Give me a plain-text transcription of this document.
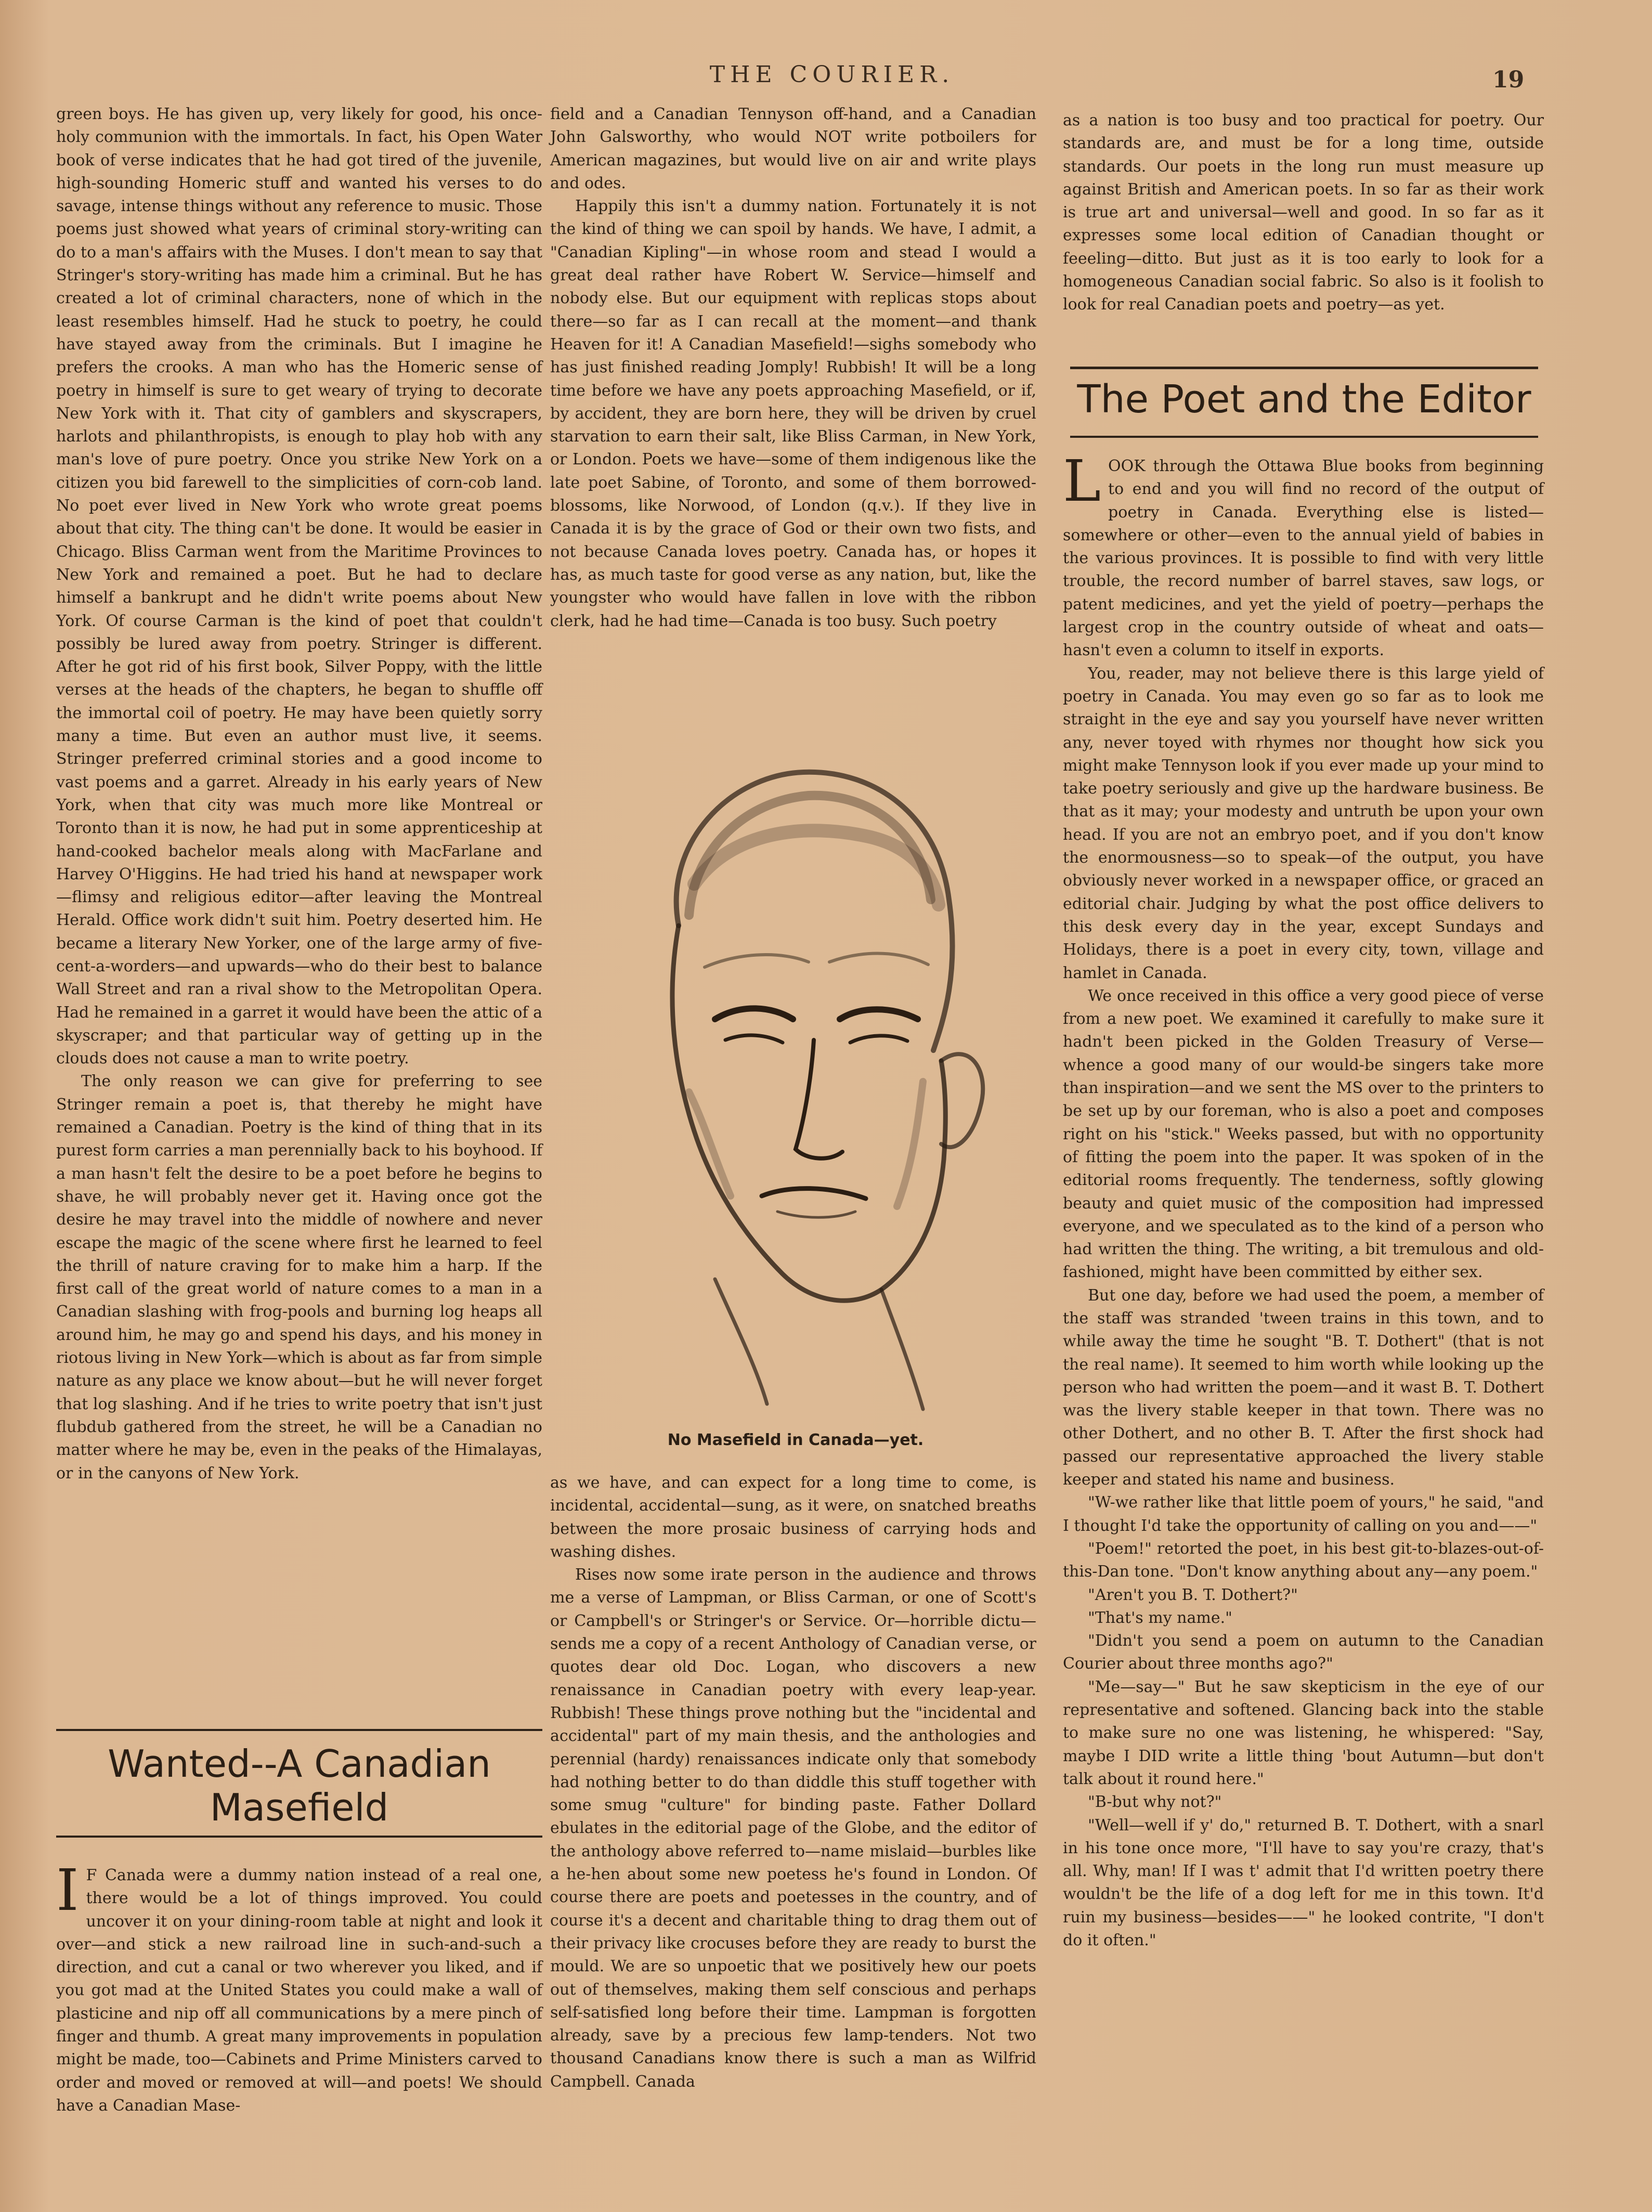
THE COURIER.	19

green boys. He has given up, very likely for good, his once-holy communion with the immortals. In fact, his Open Water book of verse indicates that he had got tired of the juvenile, high-sounding Homeric stuff and wanted his verses to do savage, intense things without any reference to music. Those poems just showed what years of criminal story-writing can do to a man's affairs with the Muses. I don't mean to say that Stringer's story-writing has made him a criminal. But he has created a lot of criminal characters, none of which in the least resembles himself. Had he stuck to poetry, he could have stayed away from the criminals. But I imagine he prefers the crooks. A man who has the Homeric sense of poetry in himself is sure to get weary of trying to decorate New York with it. That city of gamblers and skyscrapers, harlots and philanthropists, is enough to play hob with any man's love of pure poetry. Once you strike New York on a citizen you bid farewell to the simplicities of corn-cob land. No poet ever lived in New York who wrote great poems about that city. The thing can't be done. It would be easier in Chicago. Bliss Carman went from the Maritime Provinces to New York and remained a poet. But he had to declare himself a bankrupt and he didn't write poems about New York. Of course Carman is the kind of poet that couldn't possibly be lured away from poetry. Stringer is different. After he got rid of his first book, Silver Poppy, with the little verses at the heads of the chapters, he began to shuffle off the immortal coil of poetry. He may have been quietly sorry many a time. But even an author must live, it seems. Stringer preferred criminal stories and a good income to vast poems and a garret. Already in his early years of New York, when that city was much more like Montreal or Toronto than it is now, he had put in some apprenticeship at hand-cooked bachelor meals along with MacFarlane and Harvey O'Higgins. He had tried his hand at newspaper work—flimsy and religious editor—after leaving the Montreal Herald. Office work didn't suit him. Poetry deserted him. He became a literary New Yorker, one of the large army of five-cent-a-worders—and upwards—who do their best to balance Wall Street and ran a rival show to the Metropolitan Opera. Had he remained in a garret it would have been the attic of a skyscraper; and that particular way of getting up in the clouds does not cause a man to write poetry.

The only reason we can give for preferring to see Stringer remain a poet is, that thereby he might have remained a Canadian. Poetry is the kind of thing that in its purest form carries a man perennially back to his boyhood. If a man hasn't felt the desire to be a poet before he begins to shave, he will probably never get it. Having once got the desire he may travel into the middle of nowhere and never escape the magic of the scene where first he learned to feel the thrill of nature craving for to make him a harp. If the first call of the great world of nature comes to a man in a Canadian slashing with frog-pools and burning log heaps all around him, he may go and spend his days, and his money in riotous living in New York—which is about as far from simple nature as any place we know about—but he will never forget that log slashing. And if he tries to write poetry that isn't just flubdub gathered from the street, he will be a Canadian no matter where he may be, even in the peaks of the Himalayas, or in the canyons of New York.

Wanted--A Canadian Masefield
I F Canada were a dummy nation instead of a real one, there would be a lot of things improved. You could uncover it on your dining-room table at night and look it over—and stick a new railroad line in such-and-such a direction, and cut a canal or two wherever you liked, and if you got mad at the United States you could make a wall of plasticine and nip off all communications by a mere pinch of finger and thumb. A great many improvements in population might be made, too—Cabinets and Prime Ministers carved to order and moved or removed at will—and poets! We should have a Canadian Mase-

field and a Canadian Tennyson off-hand, and a Canadian John Galsworthy, who would NOT write potboilers for American magazines, but would live on air and write plays and odes.

Happily this isn't a dummy nation. Fortunately it is not the kind of thing we can spoil by hands. We have, I admit, a "Canadian Kipling"—in whose room and stead I would a great deal rather have Robert W. Service—himself and nobody else. But our equipment with replicas stops about there—so far as I can recall at the moment—and thank Heaven for it! A Canadian Masefield!—sighs somebody who has just finished reading Jomply! Rubbish! It will be a long time before we have any poets approaching Masefield, or if, by accident, they are born here, they will be driven by cruel starvation to earn their salt, like Bliss Carman, in New York, or London. Poets we have—some of them indigenous like the late poet Sabine, of Toronto, and some of them borrowed-blossoms, like Norwood, of London (q.v.). If they live in Canada it is by the grace of God or their own two fists, and not because Canada loves poetry. Canada has, or hopes it has, as much taste for good verse as any nation, but, like the youngster who would have fallen in love with the ribbon clerk, had he had time—Canada is too busy. Such poetry

No Masefield in Canada—yet.

as we have, and can expect for a long time to come, is incidental, accidental—sung, as it were, on snatched breaths between the more prosaic business of carrying hods and washing dishes.

Rises now some irate person in the audience and throws me a verse of Lampman, or Bliss Carman, or one of Scott's or Campbell's or Stringer's or Service. Or—horrible dictu—sends me a copy of a recent Anthology of Canadian verse, or quotes dear old Doc. Logan, who discovers a new renaissance in Canadian poetry with every leap-year. Rubbish! These things prove nothing but the "incidental and accidental" part of my main thesis, and the anthologies and perennial (hardy) renaissances indicate only that somebody had nothing better to do than diddle this stuff together with some smug "culture" for binding paste. Father Dollard ebulates in the editorial page of the Globe, and the editor of the anthology above referred to—name mislaid—burbles like a he-hen about some new poetess he's found in London. Of course there are poets and poetesses in the country, and of course it's a decent and charitable thing to drag them out of their privacy like crocuses before they are ready to burst the mould. We are so unpoetic that we positively hew our poets out of themselves, making them self conscious and perhaps self-satisfied long before their time. Lampman is forgotten already, save by a precious few lamp-tenders. Not two thousand Canadians know there is such a man as Wilfrid Campbell. Canada

as a nation is too busy and too practical for poetry. Our standards are, and must be for a long time, outside standards. Our poets in the long run must measure up against British and American poets. In so far as their work is true art and universal—well and good. In so far as it expresses some local edition of Canadian thought or feeeling—ditto. But just as it is too early to look for a homogeneous Canadian social fabric. So also is it foolish to look for real Canadian poets and poetry—as yet.

The Poet and the Editor
L OOK through the Ottawa Blue books from beginning to end and you will find no record of the output of poetry in Canada. Everything else is listed—somewhere or other—even to the annual yield of babies in the various provinces. It is possible to find with very little trouble, the record number of barrel staves, saw logs, or patent medicines, and yet the yield of poetry—perhaps the largest crop in the country outside of wheat and oats—hasn't even a column to itself in exports.

You, reader, may not believe there is this large yield of poetry in Canada. You may even go so far as to look me straight in the eye and say you yourself have never written any, never toyed with rhymes nor thought how sick you might make Tennyson look if you ever made up your mind to take poetry seriously and give up the hardware business. Be that as it may; your modesty and untruth be upon your own head. If you are not an embryo poet, and if you don't know the enormousness—so to speak—of the output, you have obviously never worked in a newspaper office, or graced an editorial chair. Judging by what the post office delivers to this desk every day in the year, except Sundays and Holidays, there is a poet in every city, town, village and hamlet in Canada.

We once received in this office a very good piece of verse from a new poet. We examined it carefully to make sure it hadn't been picked in the Golden Treasury of Verse—whence a good many of our would-be singers take more than inspiration—and we sent the MS over to the printers to be set up by our foreman, who is also a poet and composes right on his "stick." Weeks passed, but with no opportunity of fitting the poem into the paper. It was spoken of in the editorial rooms frequently. The tenderness, softly glowing beauty and quiet music of the composition had impressed everyone, and we speculated as to the kind of a person who had written the thing. The writing, a bit tremulous and old-fashioned, might have been committed by either sex.

But one day, before we had used the poem, a member of the staff was stranded 'tween trains in this town, and to while away the time he sought "B. T. Dothert" (that is not the real name). It seemed to him worth while looking up the person who had written the poem—and it wast B. T. Dothert was the livery stable keeper in that town. There was no other Dothert, and no other B. T. After the first shock had passed our representative approached the livery stable keeper and stated his name and business.

"W-we rather like that little poem of yours," he said, "and I thought I'd take the opportunity of calling on you and——"

"Poem!" retorted the poet, in his best git-to-blazes-out-of-this-Dan tone. "Don't know anything about any—any poem."

"Aren't you B. T. Dothert?"

"That's my name."

"Didn't you send a poem on autumn to the Canadian Courier about three months ago?"

"Me—say—" But he saw skepticism in the eye of our representative and softened. Glancing back into the stable to make sure no one was listening, he whispered: "Say, maybe I DID write a little thing 'bout Autumn—but don't talk about it round here."

"B-but why not?"

"Well—well if y' do," returned B. T. Dothert, with a snarl in his tone once more, "I'll have to say you're crazy, that's all. Why, man! If I was t' admit that I'd written poetry there wouldn't be the life of a dog left for me in this town. It'd ruin my business—besides——" he looked contrite, "I don't do it often."
